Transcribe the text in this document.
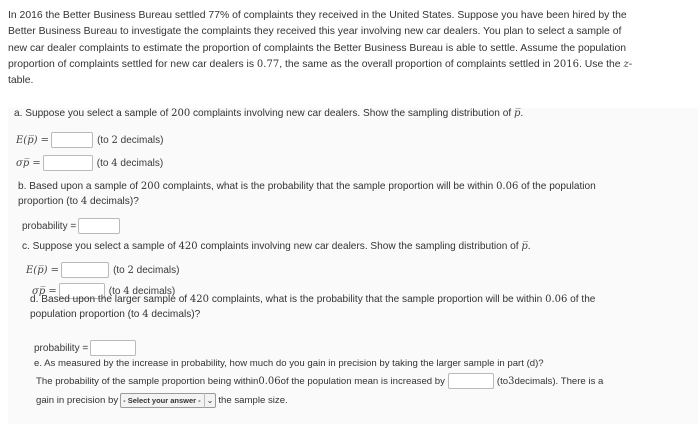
In 2016 the Better Business Bureau settled 77% of complaints they received in the United States. Suppose you have been hired by the
Better Business Bureau to investigate the complaints they received this year involving new car dealers. You plan to select a sample of
new car dealer complaints to estimate the proportion of complaints the Better Business Bureau is able to settle. Assume the population
proportion of complaints settled for new car dealers is 0.77, the same as the overall proportion of complaints settled in 2016. Use the z-
table.
a. Suppose you select a sample of 200 complaints involving new car dealers. Show the sampling distribution of p̅.
E(p̅) =	(to 2 decimals)
σp̅ =	(to 4 decimals)
b. Based upon a sample of 200 complaints, what is the probability that the sample proportion will be within 0.06 of the population
proportion (to 4 decimals)?
probability =
c. Suppose you select a sample of 420 complaints involving new car dealers. Show the sampling distribution of p̅.
E(p̅) =	(to 2 decimals)
σp̅ =	(to 4 decimals)
d. Based upon the larger sample of 420 complaints, what is the probability that the sample proportion will be within 0.06 of the
population proportion (to 4 decimals)?
probability =
e. As measured by the increase in probability, how much do you gain in precision by taking the larger sample in part (d)?
The probability of the sample proportion being within 0.06 of the population mean is increased by	(to 3 decimals). There is a
gain in precision by - Select your answer - ⌄ the sample size.
